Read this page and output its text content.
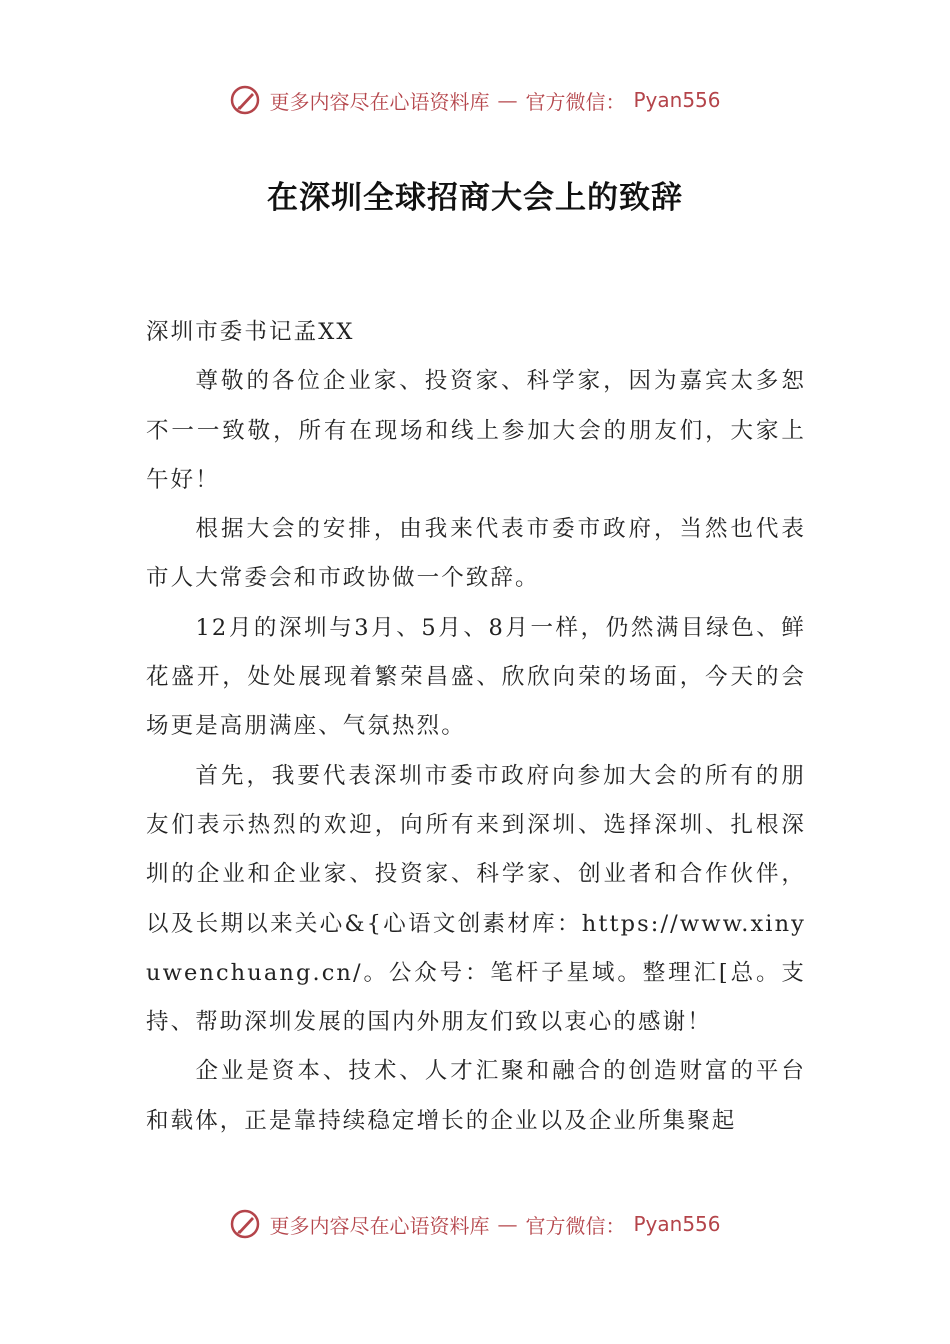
更多内容尽在心语资料库 — 官方微信： Pyan556
在深圳全球招商大会上的致辞

深圳市委书记孟XX

尊敬的各位企业家、投资家、科学家，因为嘉宾太多恕不一一致敬，所有在现场和线上参加大会的朋友们，大家上午好！

根据大会的安排，由我来代表市委市政府，当然也代表市人大常委会和市政协做一个致辞。

12月的深圳与3月、5月、8月一样，仍然满目绿色、鲜花盛开，处处展现着繁荣昌盛、欣欣向荣的场面，今天的会场更是高朋满座、气氛热烈。

首先，我要代表深圳市委市政府向参加大会的所有的朋友们表示热烈的欢迎，向所有来到深圳、选择深圳、扎根深圳的企业和企业家、投资家、科学家、创业者和合作伙伴，以及长期以来关心&{心语文创素材库：https://www.xinyuwenchuang.cn/。公众号：笔杆子星域。整理汇[总。支持、帮助深圳发展的国内外朋友们致以衷心的感谢！

企业是资本、技术、人才汇聚和融合的创造财富的平台和载体，正是靠持续稳定增长的企业以及企业所集聚起

更多内容尽在心语资料库 — 官方微信： Pyan556
